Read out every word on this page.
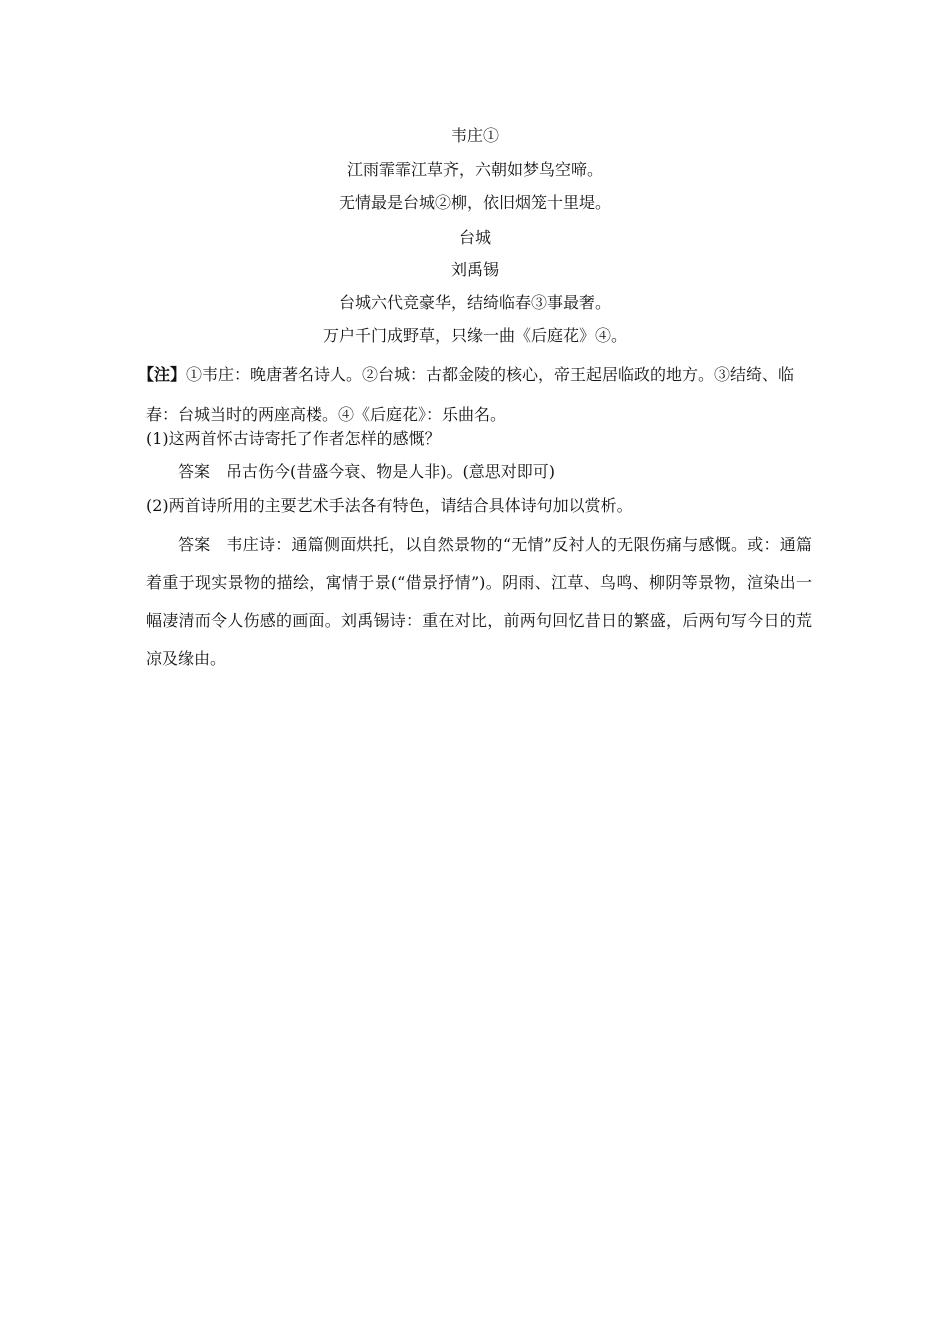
韦庄①
江雨霏霏江草齐，六朝如梦鸟空啼。
无情最是台城②柳，依旧烟笼十里堤。
台城
刘禹锡
台城六代竞豪华，结绮临春③事最奢。
万户千门成野草，只缘一曲《后庭花》④。
【注】①韦庄：晚唐著名诗人。②台城：古都金陵的核心，帝王起居临政的地方。③结绮、临春：台城当时的两座高楼。④《后庭花》：乐曲名。
(1)这两首怀古诗寄托了作者怎样的感慨？
答案 吊古伤今(昔盛今衰、物是人非)。(意思对即可)
(2)两首诗所用的主要艺术手法各有特色，请结合具体诗句加以赏析。
答案 韦庄诗：通篇侧面烘托，以自然景物的“无情”反衬人的无限伤痛与感慨。或：通篇着重于现实景物的描绘，寓情于景(“借景抒情”)。阴雨、江草、鸟鸣、柳阴等景物，渲染出一幅凄清而令人伤感的画面。刘禹锡诗：重在对比，前两句回忆昔日的繁盛，后两句写今日的荒凉及缘由。
